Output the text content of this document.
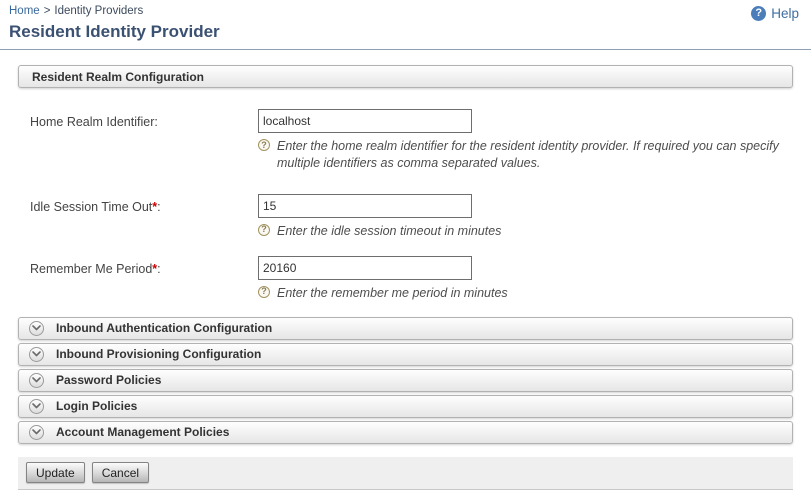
Home > Identity Providers	? Help
Resident Identity Provider
Resident Realm Configuration
Home Realm Identifier:
localhost
? Enter the home realm identifier for the resident identity provider. If required you can specify multiple identifiers as comma separated values.
Idle Session Time Out*:
15
? Enter the idle session timeout in minutes
Remember Me Period*:
20160
? Enter the remember me period in minutes
Inbound Authentication Configuration
Inbound Provisioning Configuration
Password Policies
Login Policies
Account Management Policies
Update	Cancel
